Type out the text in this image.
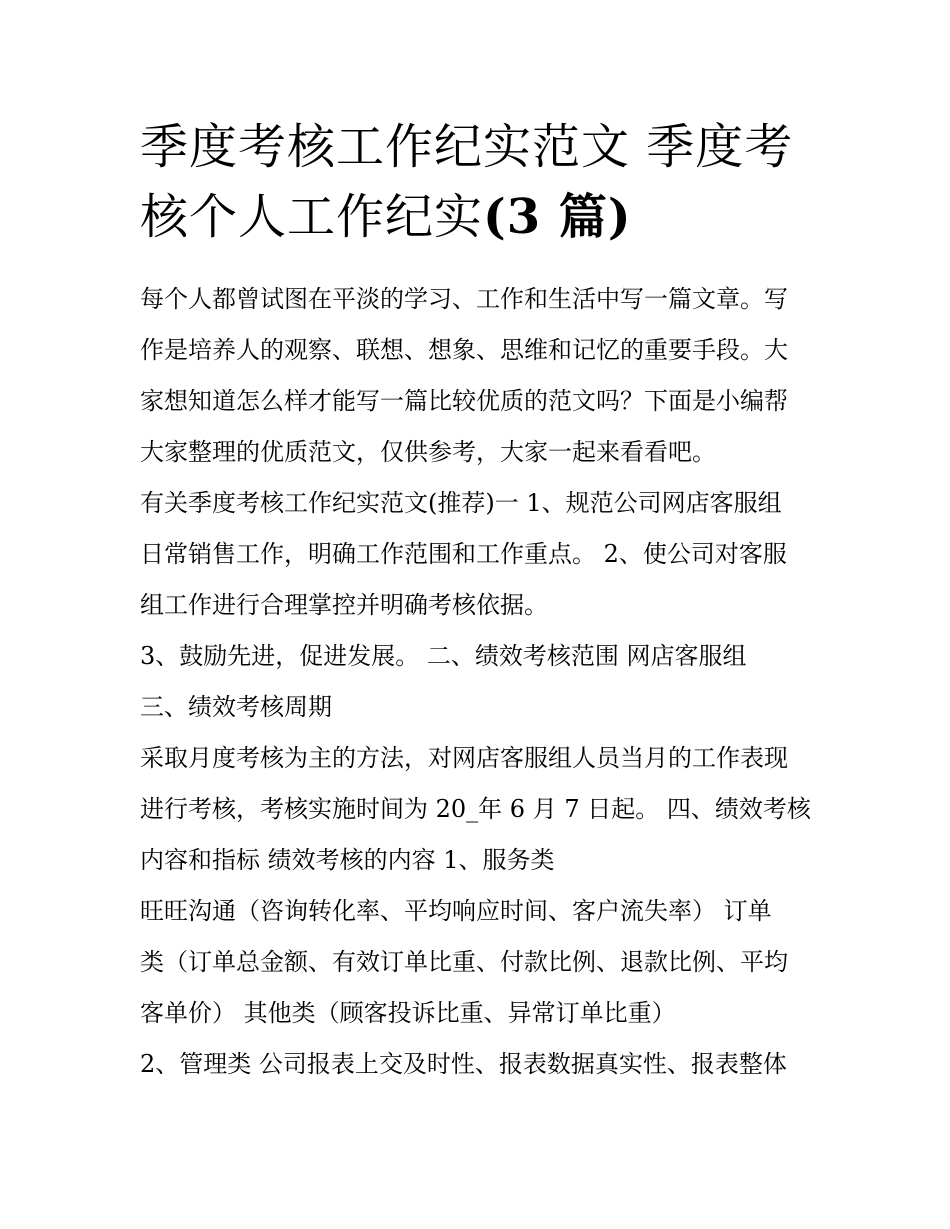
季度考核工作纪实范文 季度考
核个人工作纪实(3 篇)

每个人都曾试图在平淡的学习、工作和生活中写一篇文章。写
作是培养人的观察、联想、想象、思维和记忆的重要手段。大
家想知道怎么样才能写一篇比较优质的范文吗？下面是小编帮
大家整理的优质范文，仅供参考，大家一起来看看吧。

有关季度考核工作纪实范文(推荐)一 1、规范公司网店客服组
日常销售工作，明确工作范围和工作重点。 2、使公司对客服
组工作进行合理掌控并明确考核依据。

3、鼓励先进，促进发展。 二、绩效考核范围 网店客服组

三、绩效考核周期

采取月度考核为主的方法，对网店客服组人员当月的工作表现
进行考核，考核实施时间为 20_年 6 月 7 日起。 四、绩效考核
内容和指标 绩效考核的内容 1、服务类

旺旺沟通（咨询转化率、平均响应时间、客户流失率） 订单
类（订单总金额、有效订单比重、付款比例、退款比例、平均
客单价） 其他类（顾客投诉比重、异常订单比重）

2、管理类 公司报表上交及时性、报表数据真实性、报表整体
